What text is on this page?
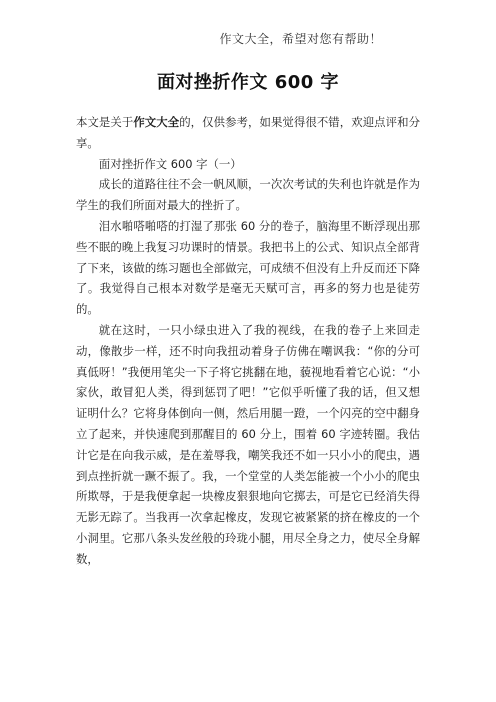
作文大全，希望对您有帮助！
面对挫折作文 600 字

本文是关于作文大全的，仅供参考，如果觉得很不错，欢迎点评和分享。

面对挫折作文 600 字（一）

成长的道路往往不会一帆风顺，一次次考试的失利也许就是作为学生的我们所面对最大的挫折了。

泪水啪嗒啪嗒的打湿了那张 60 分的卷子，脑海里不断浮现出那些不眠的晚上我复习功课时的情景。我把书上的公式、知识点全部背了下来，该做的练习题也全部做完，可成绩不但没有上升反而还下降了。我觉得自己根本对数学是毫无天赋可言，再多的努力也是徒劳的。

就在这时，一只小绿虫进入了我的视线，在我的卷子上来回走动，像散步一样，还不时向我扭动着身子仿佛在嘲讽我：“你的分可真低呀！”我便用笔尖一下子将它挑翻在地，藐视地看着它心说：“小家伙，敢冒犯人类，得到惩罚了吧！”它似乎听懂了我的话，但又想证明什么？它将身体倒向一侧，然后用腿一蹬，一个闪亮的空中翻身立了起来，并快速爬到那醒目的 60 分上，围着 60 字迹转圈。我估计它是在向我示威，是在羞辱我，嘲笑我还不如一只小小的爬虫，遇到点挫折就一蹶不振了。我，一个堂堂的人类怎能被一个小小的爬虫所欺辱，于是我便拿起一块橡皮狠狠地向它掷去，可是它已经消失得无影无踪了。当我再一次拿起橡皮，发现它被紧紧的挤在橡皮的一个小洞里。它那八条头发丝般的玲珑小腿，用尽全身之力，使尽全身解数，
